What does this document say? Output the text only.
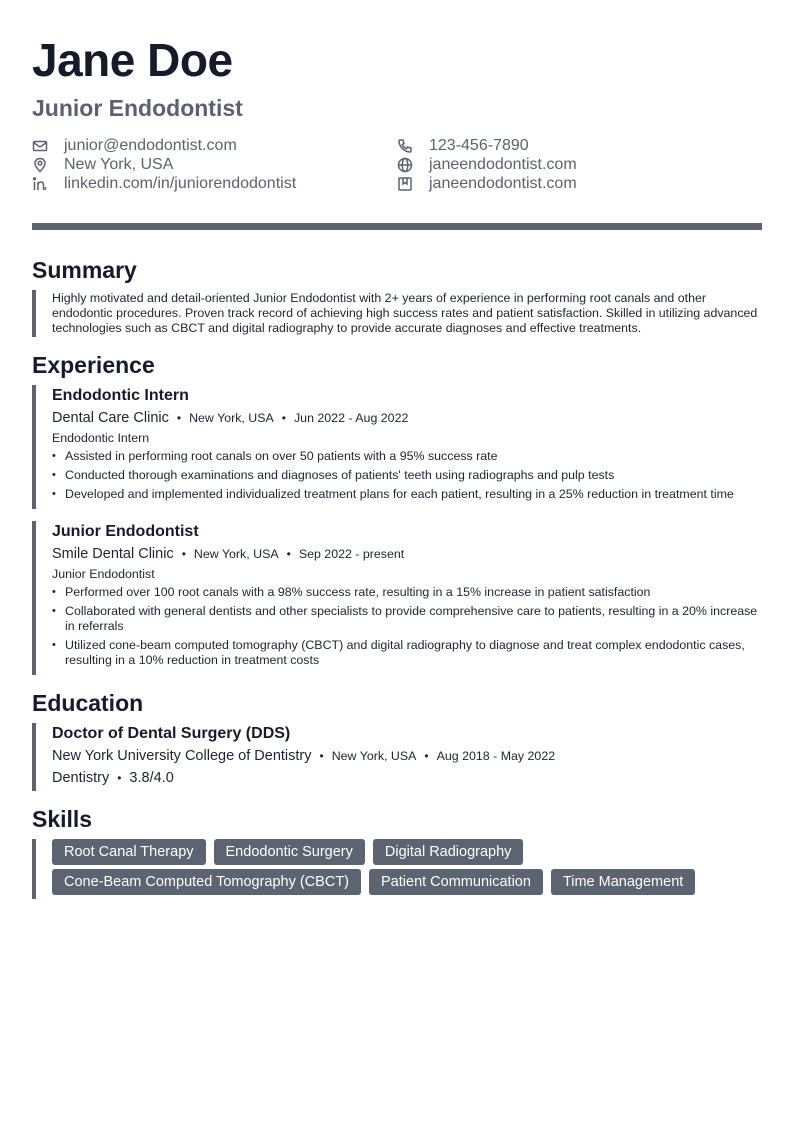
Jane Doe
Junior Endodontist
junior@endodontist.com	123-456-7890
New York, USA	janeendodontist.com
linkedin.com/in/juniorendodontist	janeendodontist.com
Summary

Highly motivated and detail-oriented Junior Endodontist with 2+ years of experience in performing root canals and other endodontic procedures. Proven track record of achieving high success rates and patient satisfaction. Skilled in utilizing advanced technologies such as CBCT and digital radiography to provide accurate diagnoses and effective treatments.

Experience
Endodontic Intern
Dental Care Clinic • New York, USA • Jun 2022 - Aug 2022
Endodontic Intern
• Assisted in performing root canals on over 50 patients with a 95% success rate
• Conducted thorough examinations and diagnoses of patients' teeth using radiographs and pulp tests
• Developed and implemented individualized treatment plans for each patient, resulting in a 25% reduction in treatment time
Junior Endodontist
Smile Dental Clinic • New York, USA • Sep 2022 - present
Junior Endodontist
• Performed over 100 root canals with a 98% success rate, resulting in a 15% increase in patient satisfaction
• Collaborated with general dentists and other specialists to provide comprehensive care to patients, resulting in a 20% increase in referrals
• Utilized cone-beam computed tomography (CBCT) and digital radiography to diagnose and treat complex endodontic cases, resulting in a 10% reduction in treatment costs
Education
Doctor of Dental Surgery (DDS)
New York University College of Dentistry • New York, USA • Aug 2018 - May 2022
Dentistry • 3.8/4.0
Skills
Root Canal Therapy	Endodontic Surgery	Digital Radiography
Cone-Beam Computed Tomography (CBCT)	Patient Communication	Time Management
